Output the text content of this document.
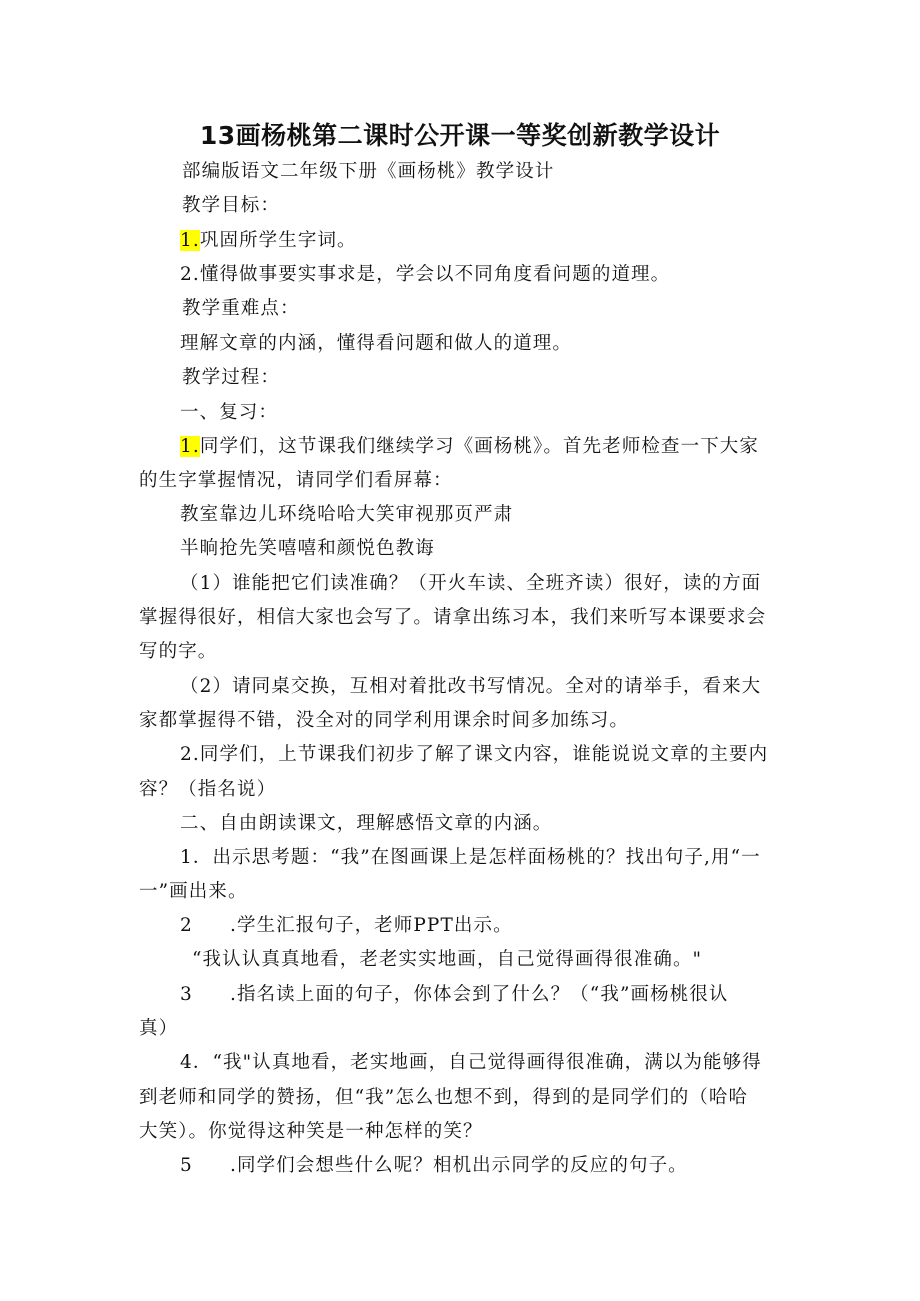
13画杨桃第二课时公开课一等奖创新教学设计
部编版语文二年级下册《画杨桃》教学设计
教学目标：
1.巩固所学生字词。
2.懂得做事要实事求是，学会以不同角度看问题的道理。
教学重难点：
理解文章的内涵，懂得看问题和做人的道理。
教学过程：
一、复习：
1.同学们，这节课我们继续学习《画杨桃》。首先老师检查一下大家
的生字掌握情况，请同学们看屏幕：
教室靠边儿环绕哈哈大笑审视那页严肃
半晌抢先笑嘻嘻和颜悦色教诲
（1）谁能把它们读准确？（开火车读、全班齐读）很好，读的方面
掌握得很好，相信大家也会写了。请拿出练习本，我们来听写本课要求会
写的字。
（2）请同桌交换，互相对着批改书写情况。全对的请举手，看来大
家都掌握得不错，没全对的同学利用课余时间多加练习。
2.同学们，上节课我们初步了解了课文内容，谁能说说文章的主要内
容？（指名说）
二、自由朗读课文，理解感悟文章的内涵。
1．出示思考题：“我”在图画课上是怎样面杨桃的？找出句子,用“一
一”画出来。
2 .学生汇报句子，老师PPT出示。
“我认认真真地看，老老实实地画，自己觉得画得很准确。"
3 .指名读上面的句子，你体会到了什么？（“我”画杨桃很认
真）
4．“我"认真地看，老实地画，自己觉得画得很准确，满以为能够得
到老师和同学的赞扬，但“我”怎么也想不到，得到的是同学们的（哈哈
大笑）。你觉得这种笑是一种怎样的笑？
5 .同学们会想些什么呢？相机出示同学的反应的句子。
